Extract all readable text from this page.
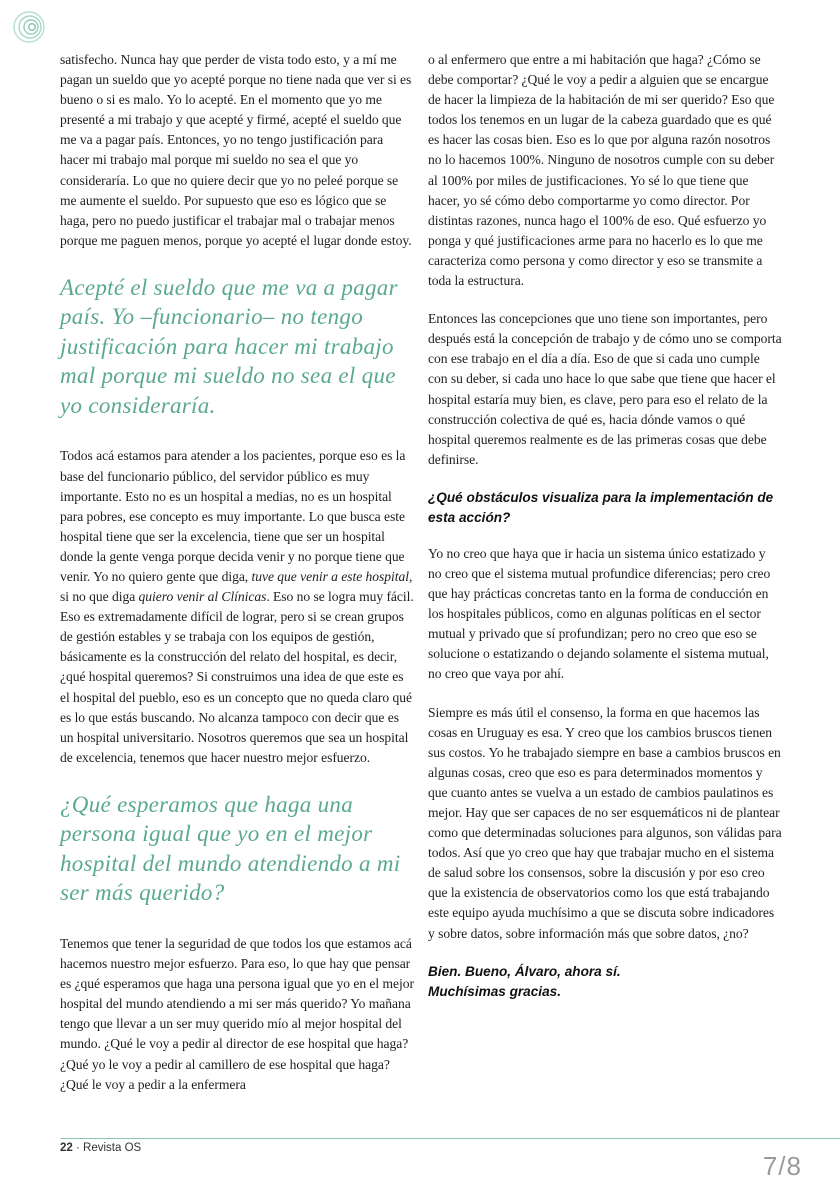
satisfecho. Nunca hay que perder de vista todo esto, y a mí me pagan un sueldo que yo acepté porque no tiene nada que ver si es bueno o si es malo. Yo lo acepté. En el momento que yo me presenté a mi trabajo y que acepté y firmé, acepté el sueldo que me va a pagar país. Entonces, yo no tengo justificación para hacer mi trabajo mal porque mi sueldo no sea el que yo consideraría. Lo que no quiere decir que yo no peleé porque se me aumente el sueldo. Por supuesto que eso es lógico que se haga, pero no puedo justificar el trabajar mal o trabajar menos porque me paguen menos, porque yo acepté el lugar donde estoy.

Acepté el sueldo que me va a pagar país. Yo –funcionario– no tengo justificación para hacer mi trabajo mal porque mi sueldo no sea el que yo consideraría.

Todos acá estamos para atender a los pacientes, porque eso es la base del funcionario público, del servidor público es muy importante. Esto no es un hospital a medias, no es un hospital para pobres, ese concepto es muy importante. Lo que busca este hospital tiene que ser la excelencia, tiene que ser un hospital donde la gente venga porque decida venir y no porque tiene que venir. Yo no quiero gente que diga, tuve que venir a este hospital, si no que diga quiero venir al Clínicas. Eso no se logra muy fácil. Eso es extremadamente difícil de lograr, pero si se crean grupos de gestión estables y se trabaja con los equipos de gestión, básicamente es la construcción del relato del hospital, es decir, ¿qué hospital queremos? Si construimos una idea de que este es el hospital del pueblo, eso es un concepto que no queda claro qué es lo que estás buscando. No alcanza tampoco con decir que es un hospital universitario. Nosotros queremos que sea un hospital de excelencia, tenemos que hacer nuestro mejor esfuerzo.

¿Qué esperamos que haga una persona igual que yo en el mejor hospital del mundo atendiendo a mi ser más querido?

Tenemos que tener la seguridad de que todos los que estamos acá hacemos nuestro mejor esfuerzo. Para eso, lo que hay que pensar es ¿qué esperamos que haga una persona igual que yo en el mejor hospital del mundo atendiendo a mi ser más querido? Yo mañana tengo que llevar a un ser muy querido mío al mejor hospital del mundo. ¿Qué le voy a pedir al director de ese hospital que haga? ¿Qué yo le voy a pedir al camillero de ese hospital que haga? ¿Qué le voy a pedir a la enfermera

o al enfermero que entre a mi habitación que haga? ¿Cómo se debe comportar? ¿Qué le voy a pedir a alguien que se encargue de hacer la limpieza de la habitación de mi ser querido? Eso que todos los tenemos en un lugar de la cabeza guardado que es qué es hacer las cosas bien. Eso es lo que por alguna razón nosotros no lo hacemos 100%. Ninguno de nosotros cumple con su deber al 100% por miles de justificaciones. Yo sé lo que tiene que hacer, yo sé cómo debo comportarme yo como director. Por distintas razones, nunca hago el 100% de eso. Qué esfuerzo yo ponga y qué justificaciones arme para no hacerlo es lo que me caracteriza como persona y como director y eso se transmite a toda la estructura.

Entonces las concepciones que uno tiene son importantes, pero después está la concepción de trabajo y de cómo uno se comporta con ese trabajo en el día a día. Eso de que si cada uno cumple con su deber, si cada uno hace lo que sabe que tiene que hacer el hospital estaría muy bien, es clave, pero para eso el relato de la construcción colectiva de qué es, hacia dónde vamos o qué hospital queremos realmente es de las primeras cosas que debe definirse.

¿Qué obstáculos visualiza para la implementación de esta acción?

Yo no creo que haya que ir hacia un sistema único estatizado y no creo que el sistema mutual profundice diferencias; pero creo que hay prácticas concretas tanto en la forma de conducción en los hospitales públicos, como en algunas políticas en el sector mutual y privado que sí profundizan; pero no creo que eso se solucione o estatizando o dejando solamente el sistema mutual, no creo que vaya por ahí.

Siempre es más útil el consenso, la forma en que hacemos las cosas en Uruguay es esa. Y creo que los cambios bruscos tienen sus costos. Yo he trabajado siempre en base a cambios bruscos en algunas cosas, creo que eso es para determinados momentos y que cuanto antes se vuelva a un estado de cambios paulatinos es mejor. Hay que ser capaces de no ser esquemáticos ni de plantear como que determinadas soluciones para algunos, son válidas para todos. Así que yo creo que hay que trabajar mucho en el sistema de salud sobre los consensos, sobre la discusión y por eso creo que la existencia de observatorios como los que está trabajando este equipo ayuda muchísimo a que se discuta sobre indicadores y sobre datos, sobre información más que sobre datos, ¿no?

Bien. Bueno, Álvaro, ahora sí.
Muchísimas gracias.

22 · Revista OS
7/8
